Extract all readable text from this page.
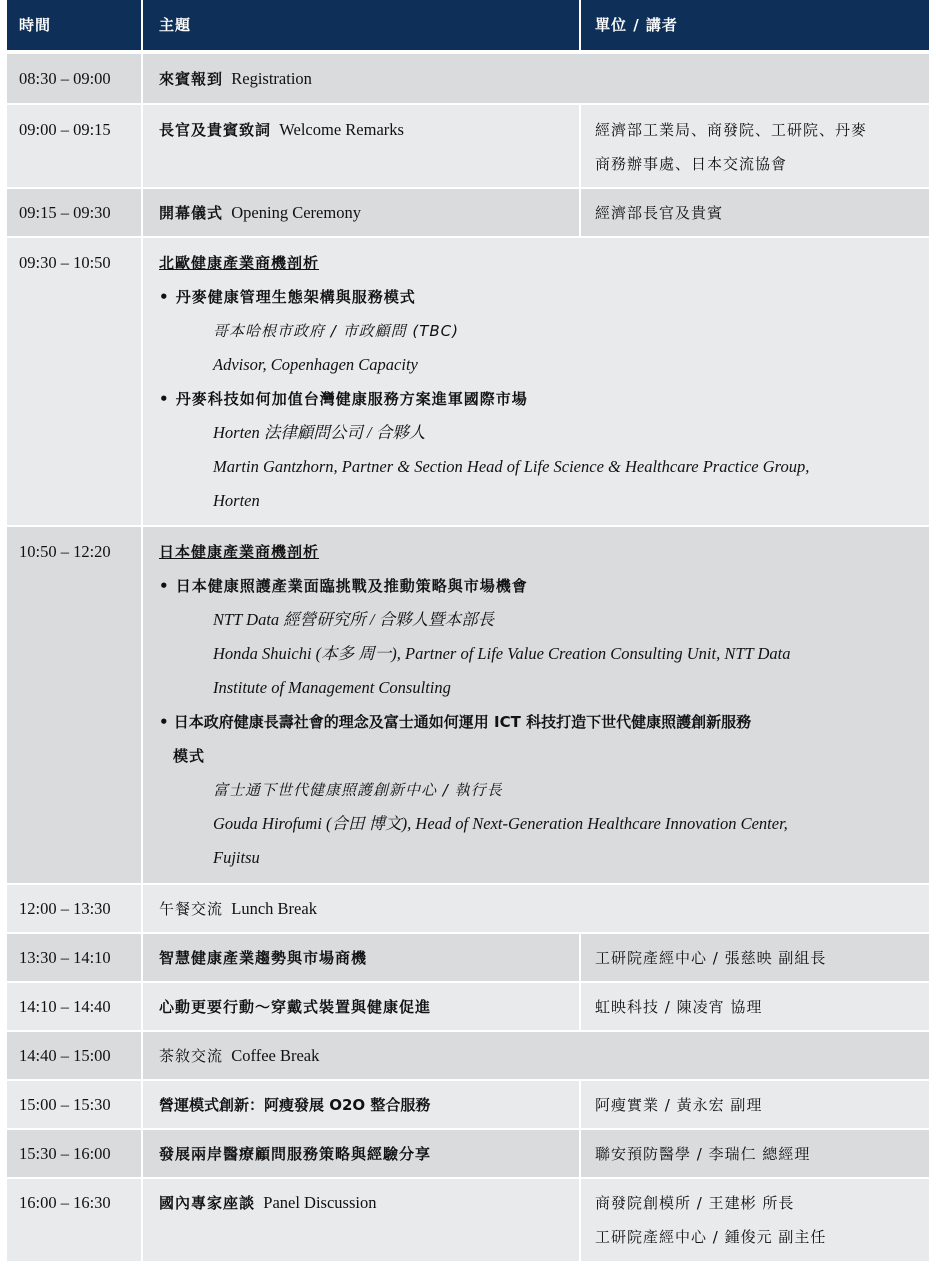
時間	主題	單位 / 講者
08:30 – 09:00	來賓報到 Registration
09:00 – 09:15	長官及貴賓致詞 Welcome Remarks	經濟部工業局、商發院、工研院、丹麥
商務辦事處、日本交流協會
09:15 – 09:30	開幕儀式 Opening Ceremony	經濟部長官及貴賓
09:30 – 10:50	北歐健康產業商機剖析
• 丹麥健康管理生態架構與服務模式
哥本哈根市政府 / 市政顧問 (TBC)
Advisor, Copenhagen Capacity
• 丹麥科技如何加值台灣健康服務方案進軍國際市場
Horten 法律顧問公司 / 合夥人
Martin Gantzhorn, Partner & Section Head of Life Science & Healthcare Practice Group,
Horten
10:50 – 12:20	日本健康產業商機剖析
• 日本健康照護產業面臨挑戰及推動策略與市場機會
NTT Data 經營研究所 / 合夥人暨本部長
Honda Shuichi (本多 周一), Partner of Life Value Creation Consulting Unit, NTT Data
Institute of Management Consulting
• 日本政府健康長壽社會的理念及富士通如何運用 ICT 科技打造下世代健康照護創新服務
模式
富士通下世代健康照護創新中心 / 執行長
Gouda Hirofumi (合田 博文), Head of Next-Generation Healthcare Innovation Center,
Fujitsu
12:00 – 13:30	午餐交流 Lunch Break
13:30 – 14:10	智慧健康產業趨勢與市場商機	工研院產經中心 / 張慈映 副組長
14:10 – 14:40	心動更要行動～穿戴式裝置與健康促進	虹映科技 / 陳凌宵 協理
14:40 – 15:00	茶敘交流 Coffee Break
15:00 – 15:30	營運模式創新：阿瘦發展 O2O 整合服務	阿瘦實業 / 黃永宏 副理
15:30 – 16:00	發展兩岸醫療顧問服務策略與經驗分享	聯安預防醫學 / 李瑞仁 總經理
16:00 – 16:30	國內專家座談 Panel Discussion	商發院創模所 / 王建彬 所長
工研院產經中心 / 鍾俊元 副主任
